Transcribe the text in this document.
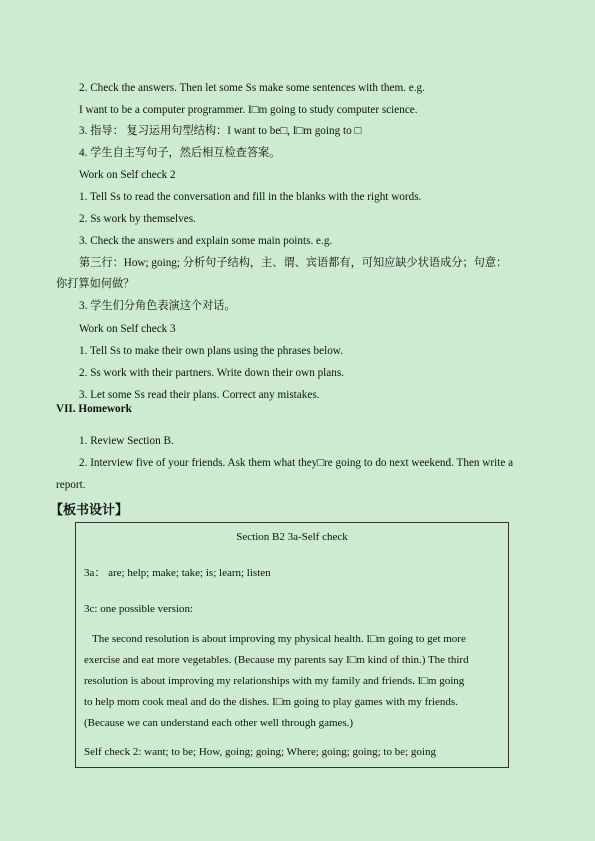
2. Check the answers. Then let some Ss make some sentences with them. e.g.
I want to be a computer programmer. I□m going to study computer science.
3. 指导： 复习运用句型结构：I want to be□, I□m going to □
4. 学生自主写句子，然后相互检查答案。
Work on Self check 2
1. Tell Ss to read the conversation and fill in the blanks with the right words.
2. Ss work by themselves.
3. Check the answers and explain some main points. e.g.
第三行：How; going; 分析句子结构，主、谓、宾语都有，可知应缺少状语成分；句意：
你打算如何做？
3. 学生们分角色表演这个对话。
Work on Self check 3
1. Tell Ss to make their own plans using the phrases below.
2. Ss work with their partners. Write down their own plans.
3. Let some Ss read their plans. Correct any mistakes.
VII. Homework
1. Review Section B.
2. Interview five of your friends. Ask them what they□re going to do next weekend. Then write a
report.
【板书设计】
Section B2 3a-Self check
3a： are; help; make; take; is; learn; listen
3c: one possible version:
The second resolution is about improving my physical health. I□m going to get more
exercise and eat more vegetables. (Because my parents say I□m kind of thin.) The third
resolution is about improving my relationships with my family and friends. I□m going
to help mom cook meal and do the dishes. I□m going to play games with my friends.
(Because we can understand each other well through games.)
Self check 2: want; to be; How, going; going; Where; going; going; to be; going
